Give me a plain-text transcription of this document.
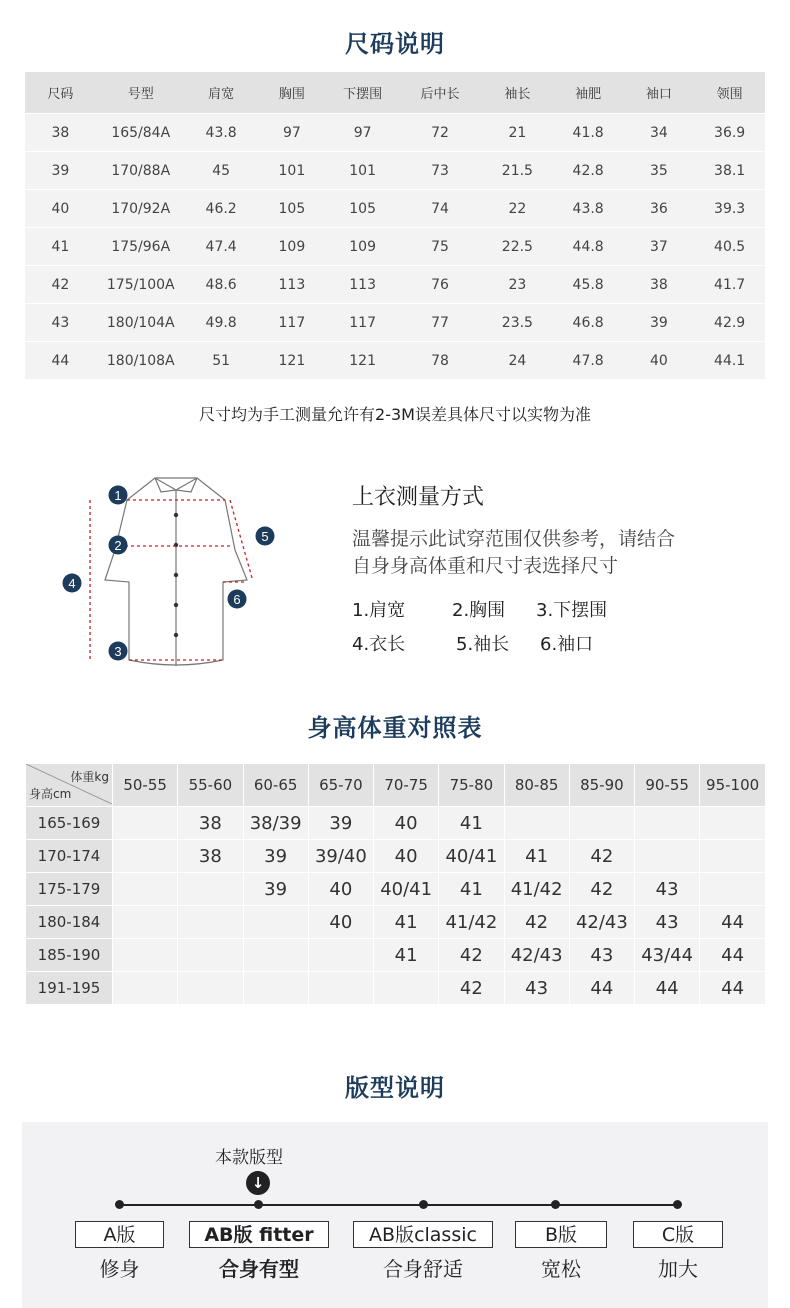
尺码说明
尺码	号型	肩宽	胸围	下摆围	后中长	袖长	袖肥	袖口	领围
38	165/84A	43.8	97	97	72	21	41.8	34	36.9
39	170/88A	45	101	101	73	21.5	42.8	35	38.1
40	170/92A	46.2	105	105	74	22	43.8	36	39.3
41	175/96A	47.4	109	109	75	22.5	44.8	37	40.5
42	175/100A	48.6	113	113	76	23	45.8	38	41.7
43	180/104A	49.8	117	117	77	23.5	46.8	39	42.9
44	180/108A	51	121	121	78	24	47.8	40	44.1
尺寸均为手工测量允许有2-3M误差具体尺寸以实物为准
1
2
3
4
5
6
上衣测量方式
温馨提示此试穿范围仅供参考，请结合
自身身高体重和尺寸表选择尺寸
1.肩宽	2.胸围 3.下摆围
4.衣长	5.袖长 6.袖口
身高体重对照表
体重kg
身高cm	50-55	55-60	60-65	65-70	70-75	75-80	80-85	85-90	90-55	95-100
165-169		38	38/39	39	40	41				
170-174		38	39	39/40	40	40/41	41	42		
175-179			39	40	40/41	41	41/42	42	43	
180-184				40	41	41/42	42	42/43	43	44
185-190					41	42	42/43	43	43/44	44
191-195						42	43	44	44	44
版型说明
本款版型
↓
A版	AB版 fitter	AB版classic	B版	C版
修身	合身有型	合身舒适	宽松	加大
